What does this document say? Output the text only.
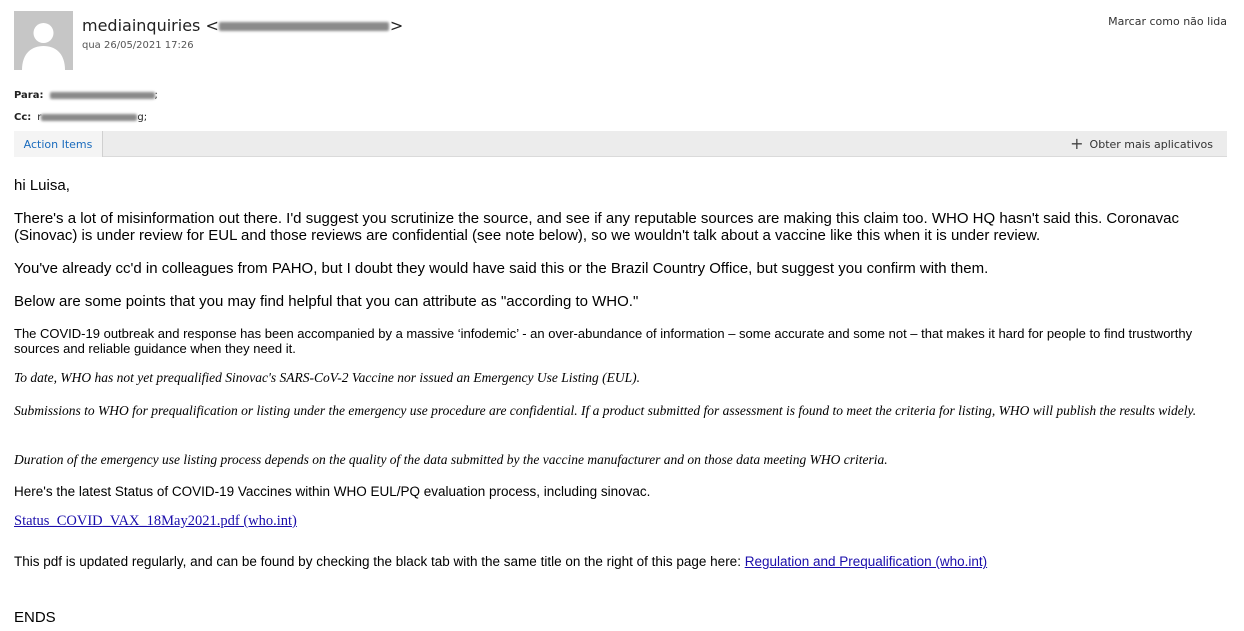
mediainquiries <	>
qua 26/05/2021 17:26
Marcar como não lida
Para:	;
Cc: r	g;
Action Items	+ Obter mais aplicativos
hi Luisa,
There's a lot of misinformation out there. I'd suggest you scrutinize the source, and see if any reputable sources are making this claim too. WHO HQ hasn't said this. Coronavac (Sinovac) is under review for EUL and those reviews are confidential (see note below), so we wouldn't talk about a vaccine like this when it is under review.
You've already cc'd in colleagues from PAHO, but I doubt they would have said this or the Brazil Country Office, but suggest you confirm with them.
Below are some points that you may find helpful that you can attribute as "according to WHO."
The COVID-19 outbreak and response has been accompanied by a massive ‘infodemic’ - an over-abundance of information – some accurate and some not – that makes it hard for people to find trustworthy sources and reliable guidance when they need it.
To date, WHO has not yet prequalified Sinovac's SARS-CoV-2 Vaccine nor issued an Emergency Use Listing (EUL).
Submissions to WHO for prequalification or listing under the emergency use procedure are confidential. If a product submitted for assessment is found to meet the criteria for listing, WHO will publish the results widely.
Duration of the emergency use listing process depends on the quality of the data submitted by the vaccine manufacturer and on those data meeting WHO criteria.
Here's the latest Status of COVID-19 Vaccines within WHO EUL/PQ evaluation process, including sinovac.
Status_COVID_VAX_18May2021.pdf (who.int)
This pdf is updated regularly, and can be found by checking the black tab with the same title on the right of this page here: Regulation and Prequalification (who.int)
ENDS
